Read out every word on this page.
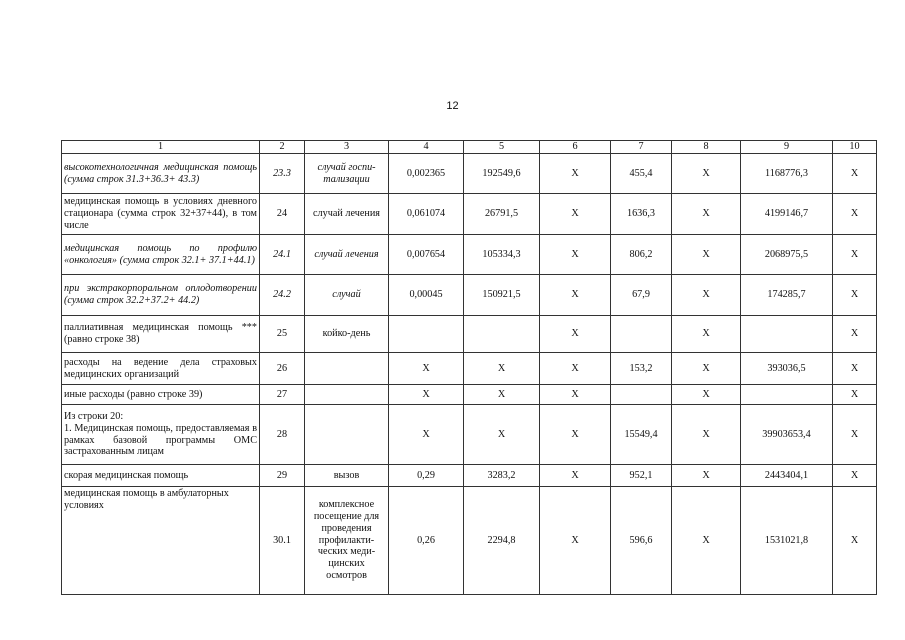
12
1	2	3	4	5	6	7	8	9	10
высокотехнологичная медицинская помощь (сумма строк 31.3+36.3+ 43.3)	23.3	случай госпи-тализации	0,002365	192549,6	X	455,4	X	1168776,3	X
медицинская помощь в условиях дневного стационара (сумма строк 32+37+44), в том числе	24	случай лечения	0,061074	26791,5	X	1636,3	X	4199146,7	X
медицинская помощь по профилю «онкология» (сумма строк 32.1+ 37.1+44.1)	24.1	случай лечения	0,007654	105334,3	X	806,2	X	2068975,5	X
при экстракорпоральном оплодотворении (сумма строк 32.2+37.2+ 44.2)	24.2	случай	0,00045	150921,5	X	67,9	X	174285,7	X
паллиативная медицинская помощь *** (равно строке 38)	25	койко-день			X		X		X
расходы на ведение дела страховых медицинских организаций	26		X	X	X	153,2	X	393036,5	X
иные расходы (равно строке 39)	27		X	X	X		X		X
Из строки 20:
1. Медицинская помощь, предоставляемая в рамках базовой программы ОМС застрахованным лицам	28		X	X	X	15549,4	X	39903653,4	X
скорая медицинская помощь	29	вызов	0,29	3283,2	X	952,1	X	2443404,1	X
медицинская помощь в амбулаторных условиях	30.1	комплексное посещение для проведения профилакти-ческих меди-цинских осмотров	0,26	2294,8	X	596,6	X	1531021,8	X
